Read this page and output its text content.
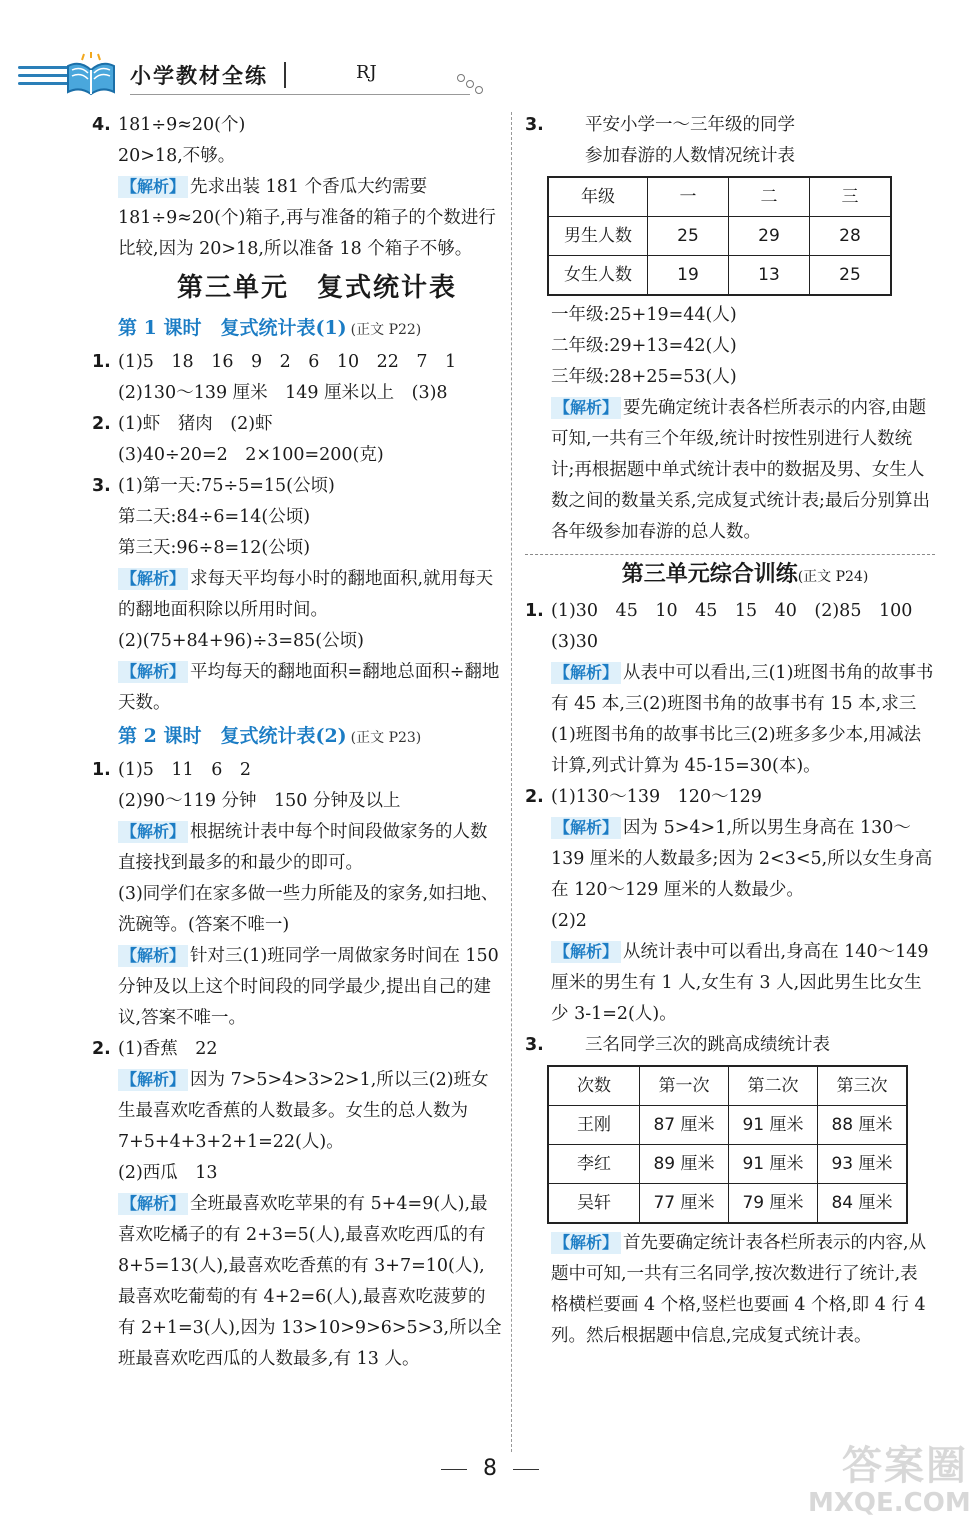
小学教材全练	RJ
4. 181÷9≈20(个)
20>18,不够。
【 解析 】 先求出装 181 个香瓜大约需要 181÷9≈20(个)箱子,再与准备的箱子的个数进行比较,因为 20>18,所以准备 18 个箱子不够。
第三单元　复式统计表
第 1 课时　复式统计表(1) (正文 P22)
1. (1)5　18　16　9　2　6　10　22　7　1
(2)130～139 厘米　149 厘米以上　(3)8
2. (1)虾　猪肉　(2)虾
(3)40÷20=2　2×100=200(克)
3. (1)第一天:75÷5=15(公顷)
第二天:84÷6=14(公顷)
第三天:96÷8=12(公顷)
【 解析 】 求每天平均每小时的翻地面积,就用每天的翻地面积除以所用时间。
(2)(75+84+96)÷3=85(公顷)
【 解析 】 平均每天的翻地面积=翻地总面积÷翻地天数。
第 2 课时　复式统计表(2) (正文 P23)
1. (1)5　11　6　2
(2)90～119 分钟　150 分钟及以上
【 解析 】 根据统计表中每个时间段做家务的人数直接找到最多的和最少的即可。
(3)同学们在家多做一些力所能及的家务,如扫地、洗碗等。(答案不唯一)
【 解析 】 针对三(1)班同学一周做家务时间在 150 分钟及以上这个时间段的同学最少,提出自己的建议,答案不唯一。
2. (1)香蕉　22
【 解析 】 因为 7>5>4>3>2>1,所以三(2)班女生最喜欢吃香蕉的人数最多。女生的总人数为 7+5+4+3+2+1=22(人)。
(2)西瓜　13
【 解析 】 全班最喜欢吃苹果的有 5+4=9(人),最喜欢吃橘子的有 2+3=5(人),最喜欢吃西瓜的有 8+5=13(人),最喜欢吃香蕉的有 3+7=10(人),最喜欢吃葡萄的有 4+2=6(人),最喜欢吃菠萝的有 2+1=3(人),因为 13>10>9>6>5>3,所以全班最喜欢吃西瓜的人数最多,有 13 人。
3. 平安小学一～三年级的同学
参加春游的人数情况统计表
年级	一	二	三
男生人数	25	29	28
女生人数	19	13	25
一年级:25+19=44(人)
二年级:29+13=42(人)
三年级:28+25=53(人)
【 解析 】 要先确定统计表各栏所表示的内容,由题可知,一共有三个年级,统计时按性别进行人数统计;再根据题中单式统计表中的数据及男、女生人数之间的数量关系,完成复式统计表;最后分别算出各年级参加春游的总人数。
第三单元综合训练(正文 P24)
1. (1)30　45　10　45　15　40　(2)85　100
(3)30
【 解析 】 从表中可以看出,三(1)班图书角的故事书有 45 本,三(2)班图书角的故事书有 15 本,求三(1)班图书角的故事书比三(2)班多多少本,用减法计算,列式计算为 45-15=30(本)。
2. (1)130～139　120～129
【 解析 】 因为 5>4>1,所以男生身高在 130～139 厘米的人数最多;因为 2<3<5,所以女生身高在 120～129 厘米的人数最少。
(2)2
【 解析 】 从统计表中可以看出,身高在 140～149 厘米的男生有 1 人,女生有 3 人,因此男生比女生少 3-1=2(人)。
3. 三名同学三次的跳高成绩统计表
次数	第一次	第二次	第三次
王刚	87 厘米	91 厘米	88 厘米
李红	89 厘米	91 厘米	93 厘米
吴轩	77 厘米	79 厘米	84 厘米
【 解析 】 首先要确定统计表各栏所表示的内容,从题中可知,一共有三名同学,按次数进行了统计,表格横栏要画 4 个格,竖栏也要画 4 个格,即 4 行 4 列。然后根据题中信息,完成复式统计表。
8	答案圈
MXQE.COM
